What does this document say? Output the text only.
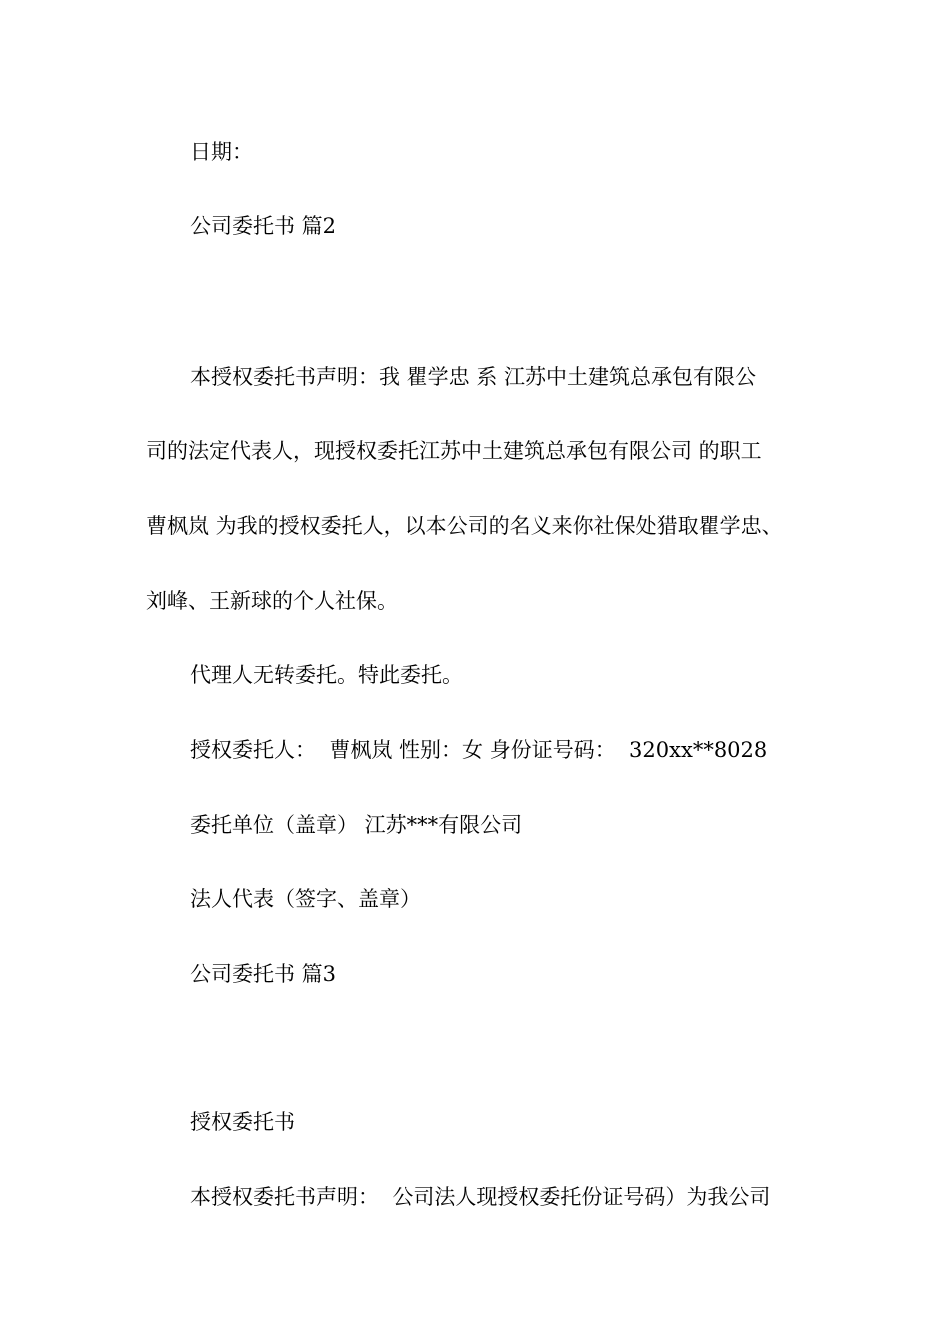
日期：

公司委托书 篇2

本授权委托书声明：我 瞿学忠 系 江苏中土建筑总承包有限公

司的法定代表人，现授权委托江苏中土建筑总承包有限公司 的职工

曹枫岚 为我的授权委托人，以本公司的名义来你社保处猎取瞿学忠、

刘峰、王新球的个人社保。

代理人无转委托。特此委托。

授权委托人：  曹枫岚 性别：女 身份证号码：  320xx**8028

委托单位（盖章） 江苏***有限公司

法人代表（签字、盖章）

公司委托书 篇3

授权委托书

本授权委托书声明：  公司法人现授权委托份证号码）为我公司
